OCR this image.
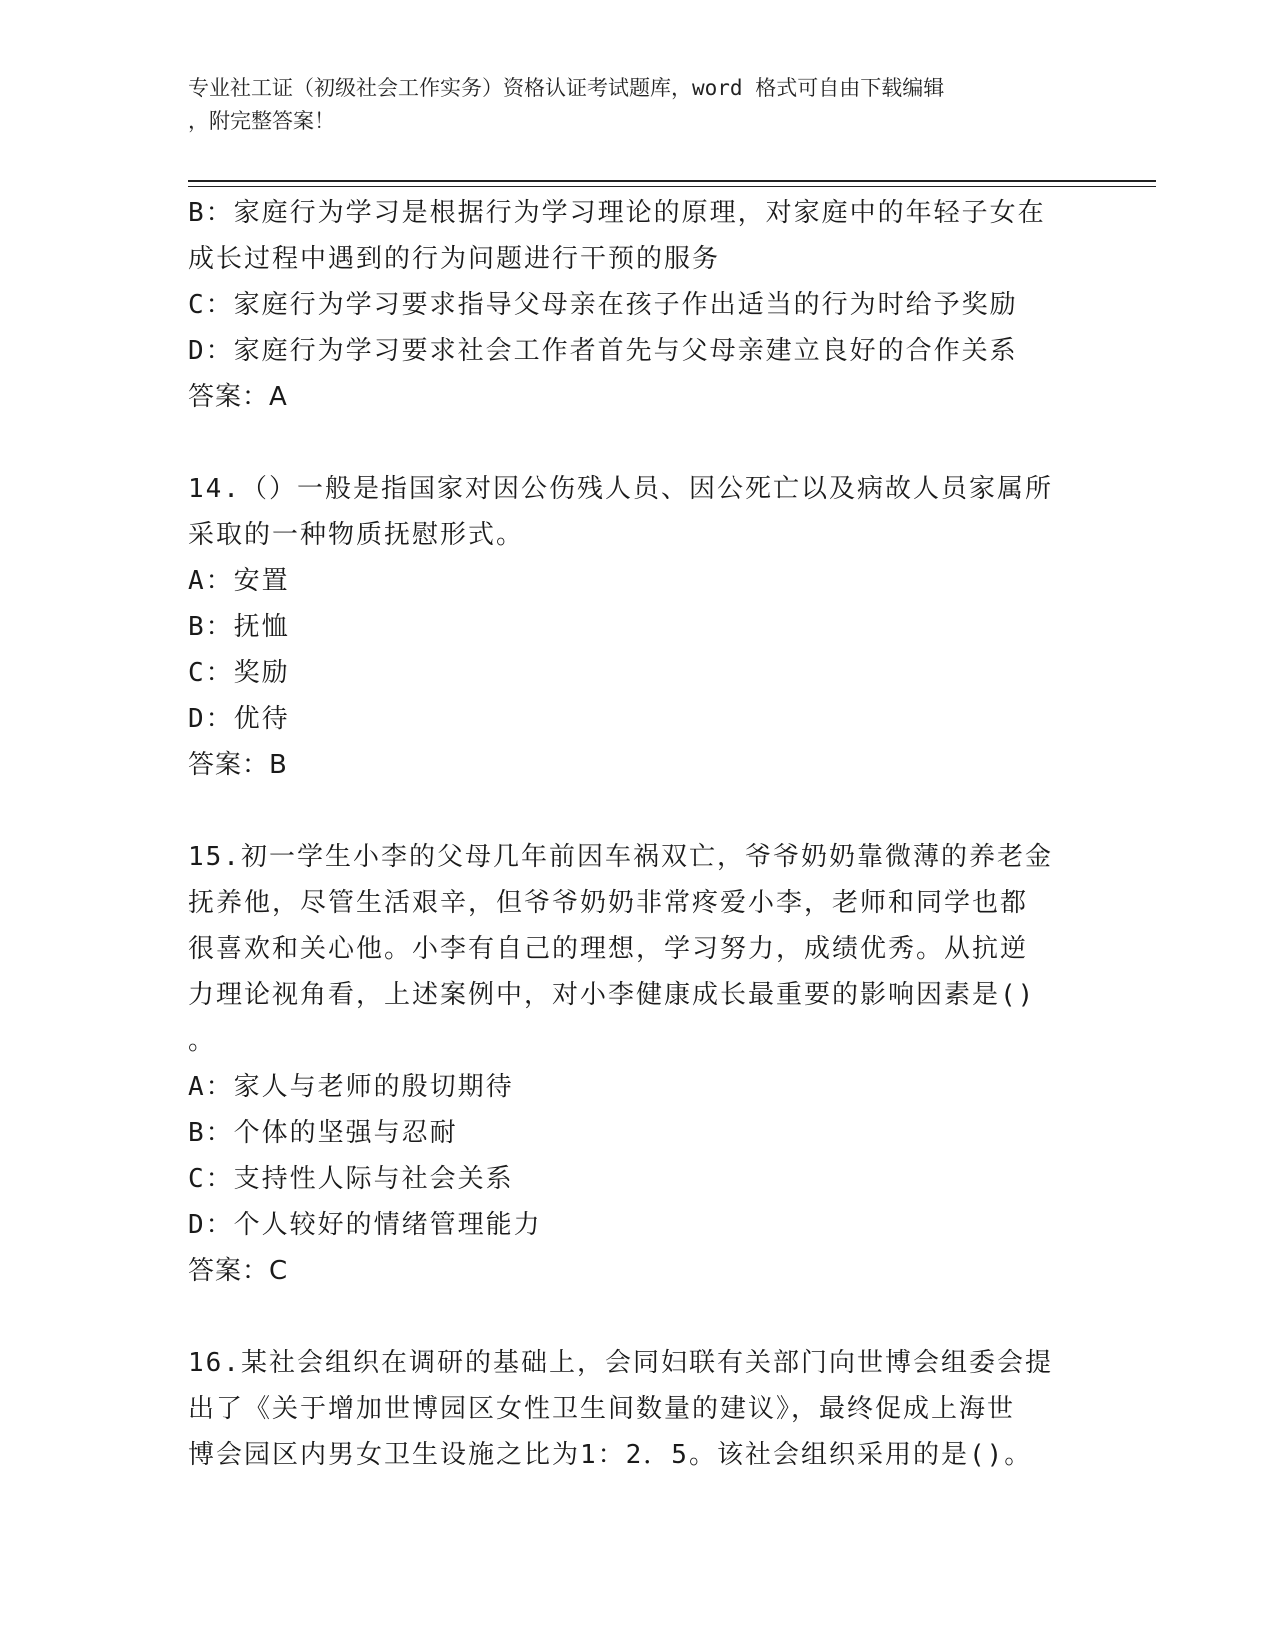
专业社工证（初级社会工作实务）资格认证考试题库，word 格式可自由下载编辑
，附完整答案！
B：家庭行为学习是根据行为学习理论的原理，对家庭中的年轻子女在
成长过程中遇到的行为问题进行干预的服务
C：家庭行为学习要求指导父母亲在孩子作出适当的行为时给予奖励
D：家庭行为学习要求社会工作者首先与父母亲建立良好的合作关系
答案：A
14.（）一般是指国家对因公伤残人员、因公死亡以及病故人员家属所
采取的一种物质抚慰形式。
A：安置
B：抚恤
C：奖励
D：优待
答案：B
15.初一学生小李的父母几年前因车祸双亡，爷爷奶奶靠微薄的养老金
抚养他，尽管生活艰辛，但爷爷奶奶非常疼爱小李，老师和同学也都
很喜欢和关心他。小李有自己的理想，学习努力，成绩优秀。从抗逆
力理论视角看，上述案例中，对小李健康成长最重要的影响因素是()
。
A：家人与老师的殷切期待
B：个体的坚强与忍耐
C：支持性人际与社会关系
D：个人较好的情绪管理能力
答案：C
16.某社会组织在调研的基础上，会同妇联有关部门向世博会组委会提
出了《关于增加世博园区女性卫生间数量的建议》，最终促成上海世
博会园区内男女卫生设施之比为1：2．5。该社会组织采用的是()。
